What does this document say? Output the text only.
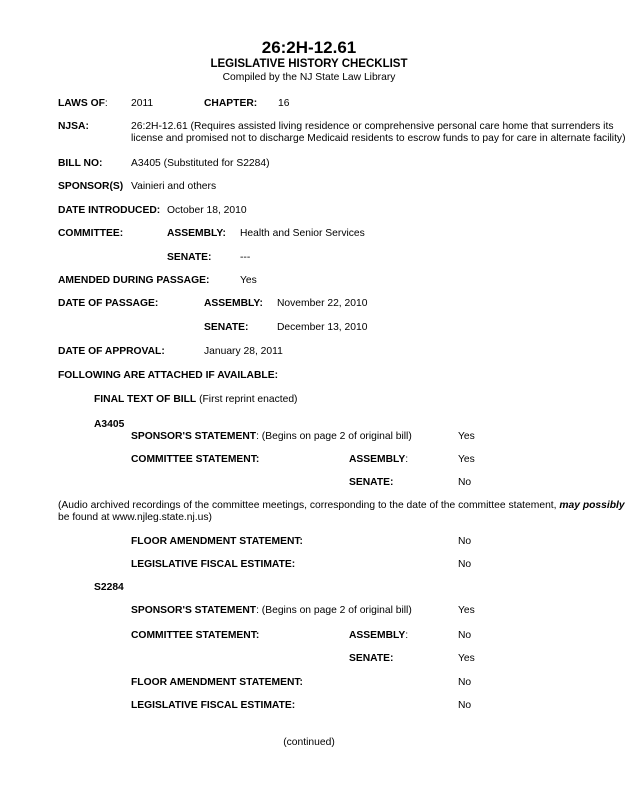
26:2H-12.61
LEGISLATIVE HISTORY CHECKLIST
Compiled by the NJ State Law Library
LAWS OF: 2011	CHAPTER: 16
NJSA:	26:2H-12.61 (Requires assisted living residence or comprehensive personal care home that surrenders its
license and promised not to discharge Medicaid residents to escrow funds to pay for care in alternate facility)
BILL NO:	A3405 (Substituted for S2284)
SPONSOR(S) Vainieri and others
DATE INTRODUCED: October 18, 2010
COMMITTEE:	ASSEMBLY: Health and Senior Services
SENATE:	---
AMENDED DURING PASSAGE:	Yes
DATE OF PASSAGE:	ASSEMBLY: November 22, 2010
SENATE:	December 13, 2010
DATE OF APPROVAL:	January 28, 2011
FOLLOWING ARE ATTACHED IF AVAILABLE:
FINAL TEXT OF BILL (First reprint enacted)
A3405
SPONSOR'S STATEMENT: (Begins on page 2 of original bill)	Yes
COMMITTEE STATEMENT:	ASSEMBLY:	Yes
SENATE:	No
(Audio archived recordings of the committee meetings, corresponding to the date of the committee statement, may possibly
be found at www.njleg.state.nj.us)
FLOOR AMENDMENT STATEMENT:	No
LEGISLATIVE FISCAL ESTIMATE:	No
S2284
SPONSOR'S STATEMENT: (Begins on page 2 of original bill)	Yes
COMMITTEE STATEMENT:	ASSEMBLY:	No
SENATE:	Yes
FLOOR AMENDMENT STATEMENT:	No
LEGISLATIVE FISCAL ESTIMATE:	No
(continued)
